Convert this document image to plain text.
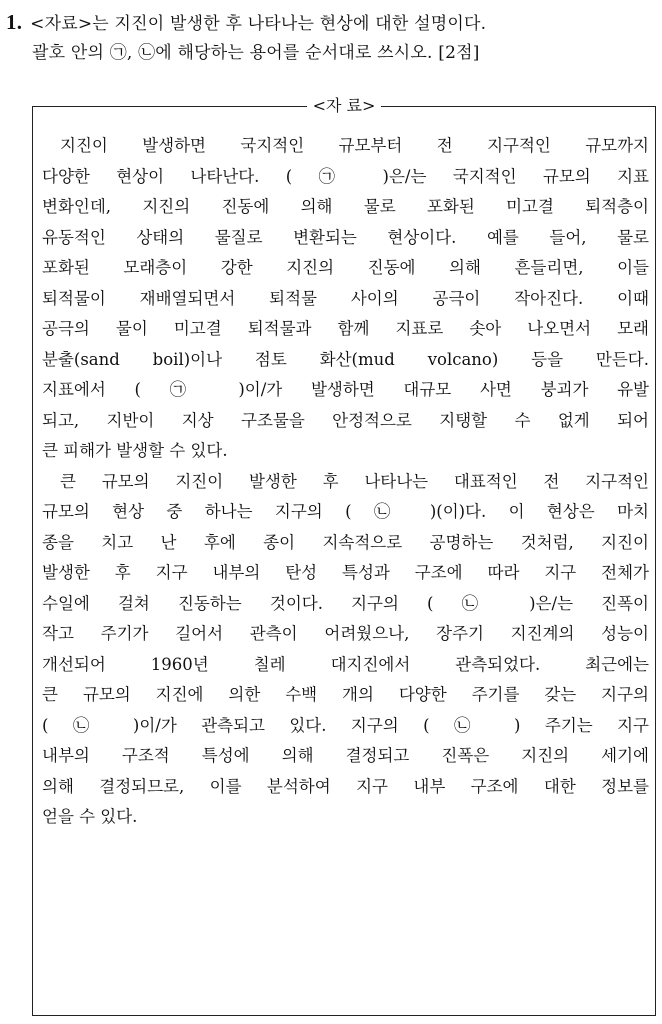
1. <자료>는 지진이 발생한 후 나타나는 현상에 대한 설명이다.
괄호 안의 ㉠, ㉡에 해당하는 용어를 순서대로 쓰시오. [2점]
<자 료>
지진이 발생하면 국지적인 규모부터 전 지구적인 규모까지
다양한 현상이 나타난다. ( ㉠ )은/는 국지적인 규모의 지표
변화인데, 지진의 진동에 의해 물로 포화된 미고결 퇴적층이
유동적인 상태의 물질로 변환되는 현상이다. 예를 들어, 물로
포화된 모래층이 강한 지진의 진동에 의해 흔들리면, 이들
퇴적물이 재배열되면서 퇴적물 사이의 공극이 작아진다. 이때
공극의 물이 미고결 퇴적물과 함께 지표로 솟아 나오면서 모래
분출(sand boil)이나 점토 화산(mud volcano) 등을 만든다.
지표에서 ( ㉠ )이/가 발생하면 대규모 사면 붕괴가 유발
되고, 지반이 지상 구조물을 안정적으로 지탱할 수 없게 되어
큰 피해가 발생할 수 있다.
큰 규모의 지진이 발생한 후 나타나는 대표적인 전 지구적인
규모의 현상 중 하나는 지구의 ( ㉡ )(이)다. 이 현상은 마치
종을 치고 난 후에 종이 지속적으로 공명하는 것처럼, 지진이
발생한 후 지구 내부의 탄성 특성과 구조에 따라 지구 전체가
수일에 걸쳐 진동하는 것이다. 지구의 ( ㉡ )은/는 진폭이
작고 주기가 길어서 관측이 어려웠으나, 장주기 지진계의 성능이
개선되어 1960년 칠레 대지진에서 관측되었다. 최근에는
큰 규모의 지진에 의한 수백 개의 다양한 주기를 갖는 지구의
( ㉡ )이/가 관측되고 있다. 지구의 ( ㉡ ) 주기는 지구
내부의 구조적 특성에 의해 결정되고 진폭은 지진의 세기에
의해 결정되므로, 이를 분석하여 지구 내부 구조에 대한 정보를
얻을 수 있다.
